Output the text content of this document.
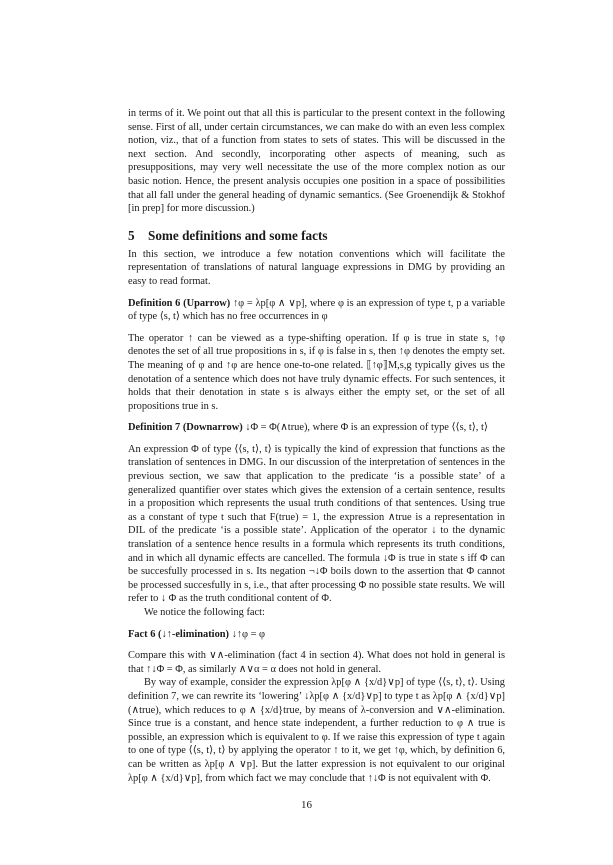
in terms of it. We point out that all this is particular to the present context in the following sense. First of all, under certain circumstances, we can make do with an even less complex notion, viz., that of a function from states to sets of states. This will be discussed in the next section. And secondly, incorporating other aspects of meaning, such as presuppositions, may very well necessitate the use of the more complex notion as our basic notion. Hence, the present analysis occupies one position in a space of possibilities that all fall under the general heading of dynamic semantics. (See Groenendijk & Stokhof [in prep] for more discussion.)

5 Some definitions and some facts

In this section, we introduce a few notation conventions which will facilitate the representation of translations of natural language expressions in DMG by providing an easy to read format.

Definition 6 (Uparrow) ↑φ = λp[φ ∧ ∨p], where φ is an expression of type t, p a variable of type ⟨s, t⟩ which has no free occurrences in φ

The operator ↑ can be viewed as a type-shifting operation. If φ is true in state s, ↑φ denotes the set of all true propositions in s, if φ is false in s, then ↑φ denotes the empty set. The meaning of φ and ↑φ are hence one-to-one related. ⟦↑φ⟧M,s,g typically gives us the denotation of a sentence which does not have truly dynamic effects. For such sentences, it holds that their denotation in state s is always either the empty set, or the set of all propositions true in s.

Definition 7 (Downarrow) ↓Φ = Φ(∧true), where Φ is an expression of type ⟨⟨s, t⟩, t⟩

An expression Φ of type ⟨⟨s, t⟩, t⟩ is typically the kind of expression that functions as the translation of sentences in DMG. In our discussion of the interpretation of sentences in the previous section, we saw that application to the predicate ‘is a possible state’ of a generalized quantifier over states which gives the extension of a certain sentence, results in a proposition which represents the usual truth conditions of that sentences. Using true as a constant of type t such that F(true) = 1, the expression ∧true is a representation in DIL of the predicate ‘is a possible state’. Application of the operator ↓ to the dynamic translation of a sentence hence results in a formula which represents its truth conditions, and in which all dynamic effects are cancelled. The formula ↓Φ is true in state s iff Φ can be succesfully processed in s. Its negation ¬↓Φ boils down to the assertion that Φ cannot be processed succesfully in s, i.e., that after processing Φ no possible state results. We will refer to ↓ Φ as the truth conditional content of Φ.

We notice the following fact:

Fact 6 (↓↑-elimination) ↓↑φ = φ

Compare this with ∨∧-elimination (fact 4 in section 4). What does not hold in general is that ↑↓Φ = Φ, as similarly ∧∨α = α does not hold in general.

By way of example, consider the expression λp[φ ∧ {x/d}∨p] of type ⟨⟨s, t⟩, t⟩. Using definition 7, we can rewrite its ‘lowering’ ↓λp[φ ∧ {x/d}∨p] to type t as λp[φ ∧ {x/d}∨p](∧true), which reduces to φ ∧ {x/d}true, by means of λ-conversion and ∨∧-elimination. Since true is a constant, and hence state independent, a further reduction to φ ∧ true is possible, an expression which is equivalent to φ. If we raise this expression of type t again to one of type ⟨⟨s, t⟩, t⟩ by applying the operator ↑ to it, we get ↑φ, which, by definition 6, can be written as λp[φ ∧ ∨p]. But the latter expression is not equivalent to our original λp[φ ∧ {x/d}∨p], from which fact we may conclude that ↑↓Φ is not equivalent with Φ.

16
